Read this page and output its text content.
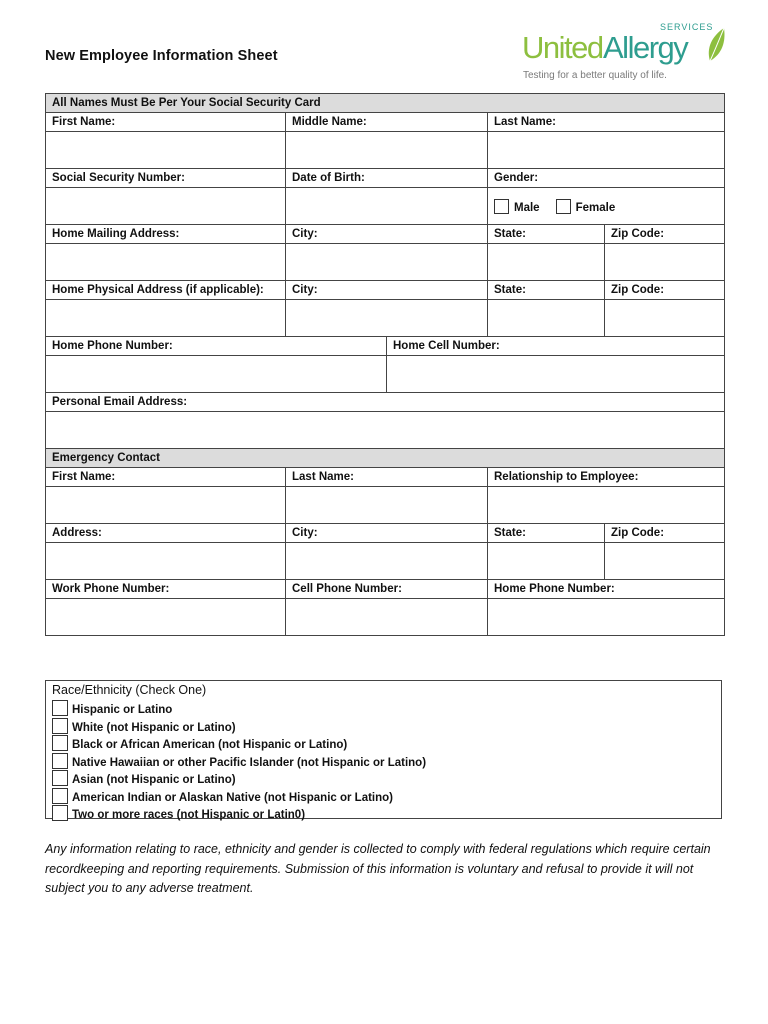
New Employee Information Sheet	United Allergy
SERVICES
Testing for a better quality of life.
All Names Must Be Per Your Social Security Card				
First Name:	Middle Name:		Last Name:	

Social Security Number:	Date of Birth:		Gender:	
			Male Female	
Home Mailing Address:	City:		State:	Zip Code:

Home Physical Address (if applicable):	City:		State:	Zip Code:

Home Phone Number:		Home Cell Number:		

Personal Email Address:				

Emergency Contact				
First Name:	Last Name:		Relationship to Employee:	

Address:	City:		State:	Zip Code:

Work Phone Number:	Cell Phone Number:		Home Phone Number:	

Race/Ethnicity (Check One)
Hispanic or Latino
White (not Hispanic or Latino)
Black or African American (not Hispanic or Latino)
Native Hawaiian or other Pacific Islander (not Hispanic or Latino)
Asian (not Hispanic or Latino)
American Indian or Alaskan Native (not Hispanic or Latino)
Two or more races (not Hispanic or Latin0)
Any information relating to race, ethnicity and gender is collected to comply with federal regulations which require certain recordkeeping and reporting requirements. Submission of this information is voluntary and refusal to provide it will not subject you to any adverse treatment.
